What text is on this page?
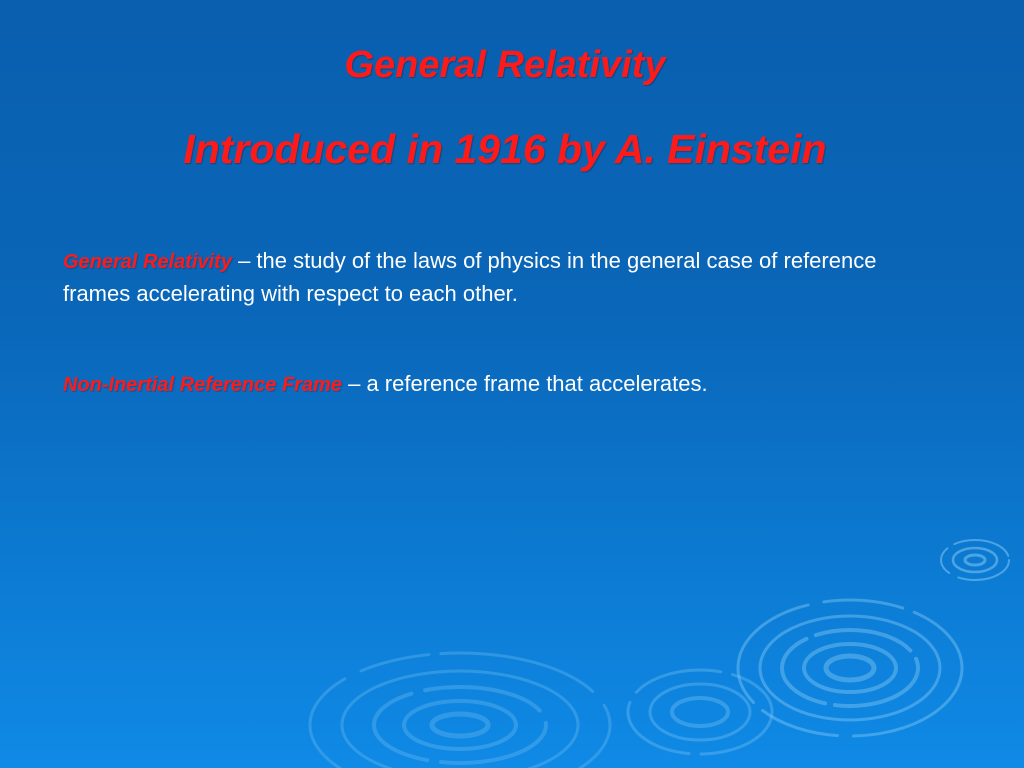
General Relativity
Introduced in 1916 by A. Einstein

General Relativity – the study of the laws of physics in the general case of reference frames accelerating with respect to each other.

Non-Inertial Reference Frame – a reference frame that accelerates.
